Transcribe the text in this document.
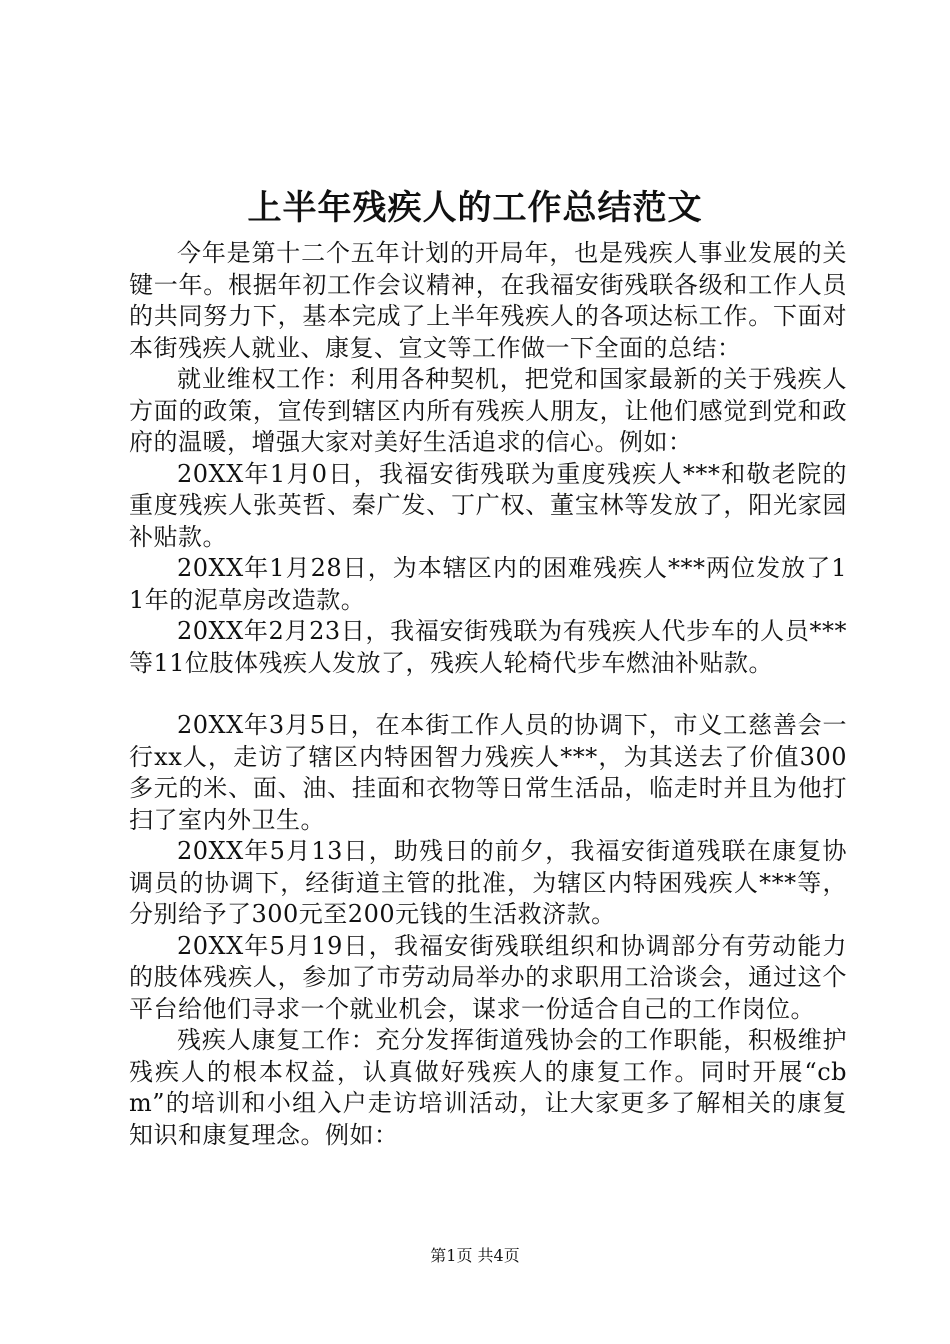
上半年残疾人的工作总结范文

今年是第十二个五年计划的开局年，也是残疾人事业发展的关键一年。根据年初工作会议精神，在我福安街残联各级和工作人员的共同努力下，基本完成了上半年残疾人的各项达标工作。下面对本街残疾人就业、康复、宣文等工作做一下全面的总结：

就业维权工作：利用各种契机，把党和国家最新的关于残疾人方面的政策，宣传到辖区内所有残疾人朋友，让他们感觉到党和政府的温暖，增强大家对美好生活追求的信心。例如：

20XX年1月0日，我福安街残联为重度残疾人***和敬老院的重度残疾人张英哲、秦广发、丁广权、董宝林等发放了，阳光家园补贴款。

20XX年1月28日，为本辖区内的困难残疾人***两位发放了11年的泥草房改造款。

20XX年2月23日，我福安街残联为有残疾人代步车的人员***等11位肢体残疾人发放了，残疾人轮椅代步车燃油补贴款。

20XX年3月5日，在本街工作人员的协调下，市义工慈善会一行xx人，走访了辖区内特困智力残疾人***，为其送去了价值300多元的米、面、油、挂面和衣物等日常生活品，临走时并且为他打扫了室内外卫生。

20XX年5月13日，助残日的前夕，我福安街道残联在康复协调员的协调下，经街道主管的批准，为辖区内特困残疾人***等，分别给予了300元至200元钱的生活救济款。

20XX年5月19日，我福安街残联组织和协调部分有劳动能力的肢体残疾人，参加了市劳动局举办的求职用工洽谈会，通过这个平台给他们寻求一个就业机会，谋求一份适合自己的工作岗位。

残疾人康复工作：充分发挥街道残协会的工作职能，积极维护残疾人的根本权益，认真做好残疾人的康复工作。同时开展“cbm”的培训和小组入户走访培训活动，让大家更多了解相关的康复知识和康复理念。例如：

第1页 共4页
